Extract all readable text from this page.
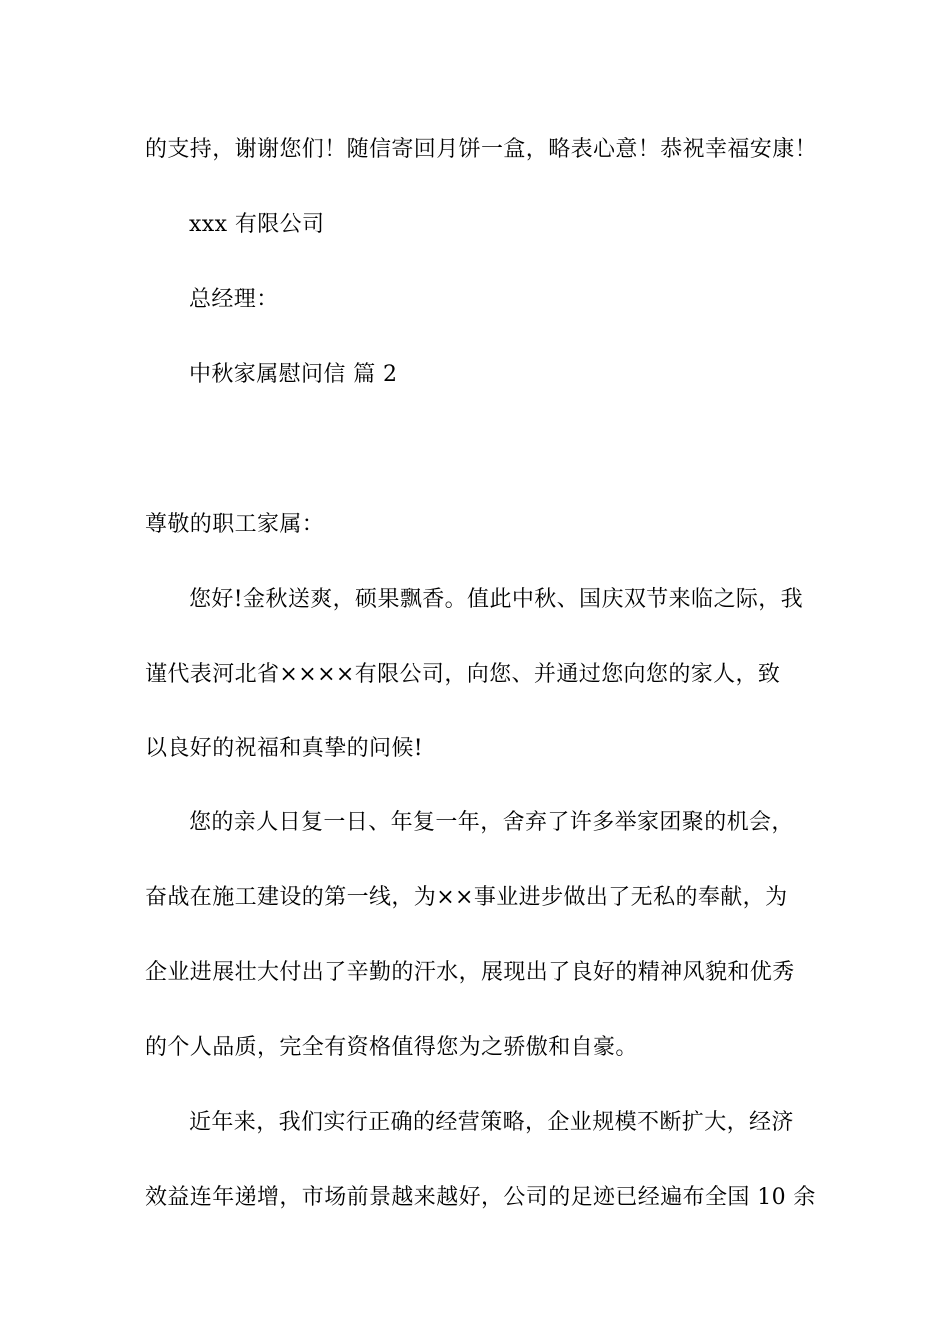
的支持，谢谢您们！随信寄回月饼一盒，略表心意！恭祝幸福安康！
xxx 有限公司
总经理：
中秋家属慰问信 篇 2
尊敬的职工家属：
您好!金秋送爽，硕果飘香。值此中秋、国庆双节来临之际，我
谨代表河北省××××有限公司，向您、并通过您向您的家人，致
以良好的祝福和真挚的问候!
您的亲人日复一日、年复一年，舍弃了许多举家团聚的机会，
奋战在施工建设的第一线，为××事业进步做出了无私的奉献，为
企业进展壮大付出了辛勤的汗水，展现出了良好的精神风貌和优秀
的个人品质，完全有资格值得您为之骄傲和自豪。
近年来，我们实行正确的经营策略，企业规模不断扩大，经济
效益连年递增，市场前景越来越好，公司的足迹已经遍布全国 10 余
